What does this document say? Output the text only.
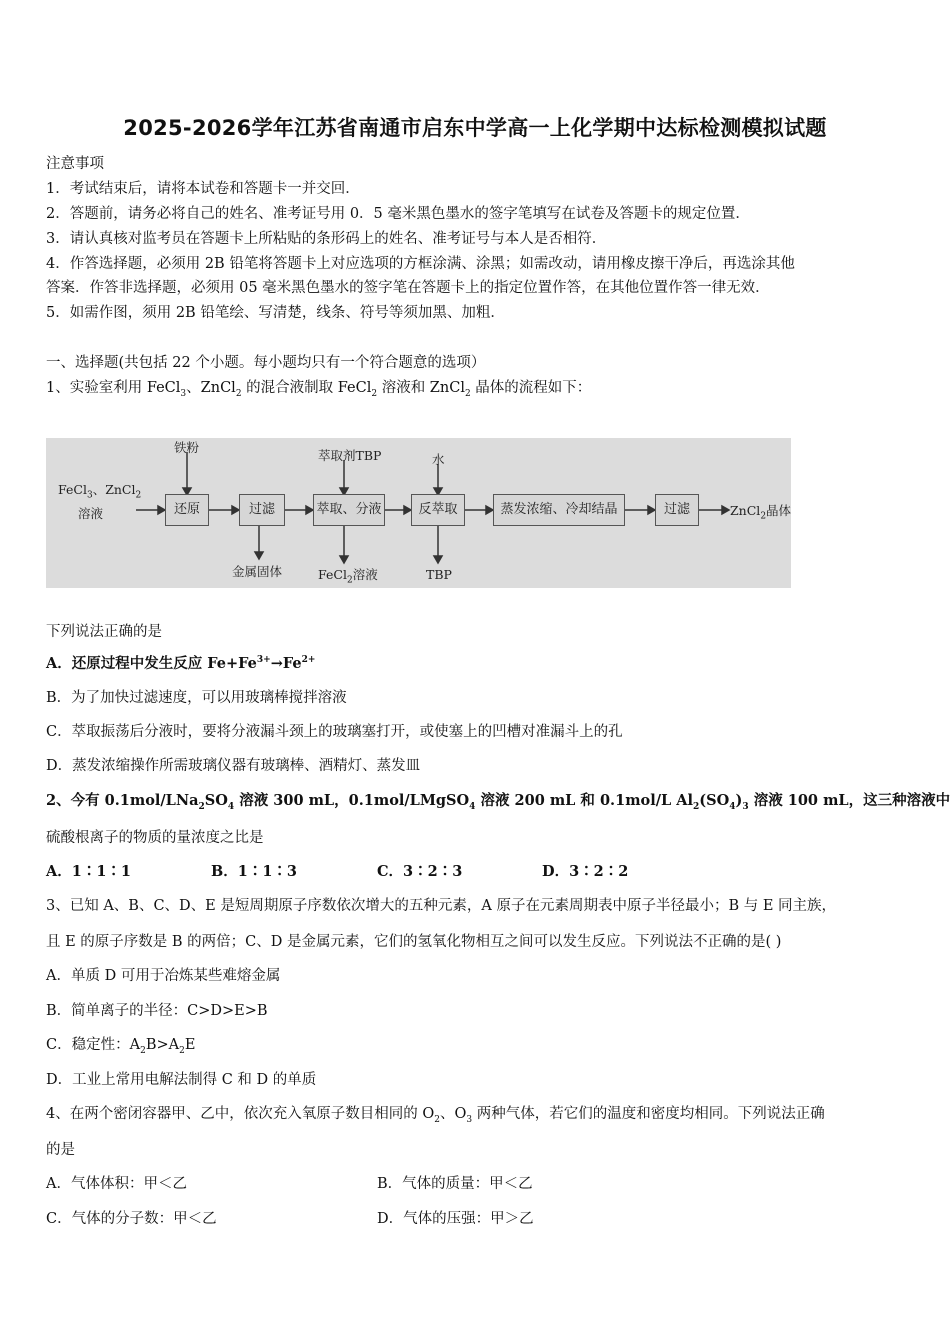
2025-2026学年江苏省南通市启东中学高一上化学期中达标检测模拟试题
注意事项
1．考试结束后，请将本试卷和答题卡一并交回．
2．答题前，请务必将自己的姓名、准考证号用 0．5 毫米黑色墨水的签字笔填写在试卷及答题卡的规定位置．
3．请认真核对监考员在答题卡上所粘贴的条形码上的姓名、准考证号与本人是否相符．
4．作答选择题，必须用 2B 铅笔将答题卡上对应选项的方框涂满、涂黑；如需改动，请用橡皮擦干净后，再选涂其他
答案．作答非选择题，必须用 05 毫米黑色墨水的签字笔在答题卡上的指定位置作答，在其他位置作答一律无效．
5．如需作图，须用 2B 铅笔绘、写清楚，线条、符号等须加黑、加粗．
一、选择题(共包括 22 个小题。每小题均只有一个符合题意的选项）
1、实验室利用 FeCl$_3$、ZnCl$_2$ 的混合液制取 FeCl$_2$ 溶液和 ZnCl$_2$ 晶体的流程如下：
铁粉
萃取剂TBP	水
FeCl$_3$、ZnCl$_2$
溶液	还原	过滤	萃取、分液	反萃取	蒸发浓缩、冷却结晶	过滤	ZnCl$_2$晶体
金属固体	FeCl$_2$溶液	TBP
下列说法正确的是
A．还原过程中发生反应 $Fe+Fe^{3+}\to Fe^{2+}$
B．为了加快过滤速度，可以用玻璃棒搅拌溶液
C．萃取振荡后分液时，要将分液漏斗颈上的玻璃塞打开，或使塞上的凹槽对准漏斗上的孔
D．蒸发浓缩操作所需玻璃仪器有玻璃棒、酒精灯、蒸发皿
2、今有 $0.1mol/LNa_2SO_4$ 溶液 300 mL，0.1mol/LMgSO$_4$ 溶液 200 mL 和 0.1mol/L $Al_2(SO_4)_3$ 溶液 100 mL，这三种溶液中
硫酸根离子的物质的量浓度之比是
A．1∶1∶1	B．1∶1∶3	C．3∶2∶3	D．3∶2∶2
3、已知 A、B、C、D、E 是短周期原子序数依次增大的五种元素，A 原子在元素周期表中原子半径最小；B 与 E 同主族，
且 E 的原子序数是 B 的两倍；C、D 是金属元素，它们的氢氧化物相互之间可以发生反应。下列说法不正确的是( )
A．单质 D 可用于冶炼某些难熔金属
B．简单离子的半径：C>D>E>B
C．稳定性：$A_2B>A_2E$
D．工业上常用电解法制得 C 和 D 的单质
4、在两个密闭容器甲、乙中，依次充入氧原子数目相同的 $O_2$、$O_3$ 两种气体，若它们的温度和密度均相同。下列说法正确
的是
A．气体体积：甲＜乙	B．气体的质量：甲＜乙
C．气体的分子数：甲＜乙	D．气体的压强：甲＞乙
